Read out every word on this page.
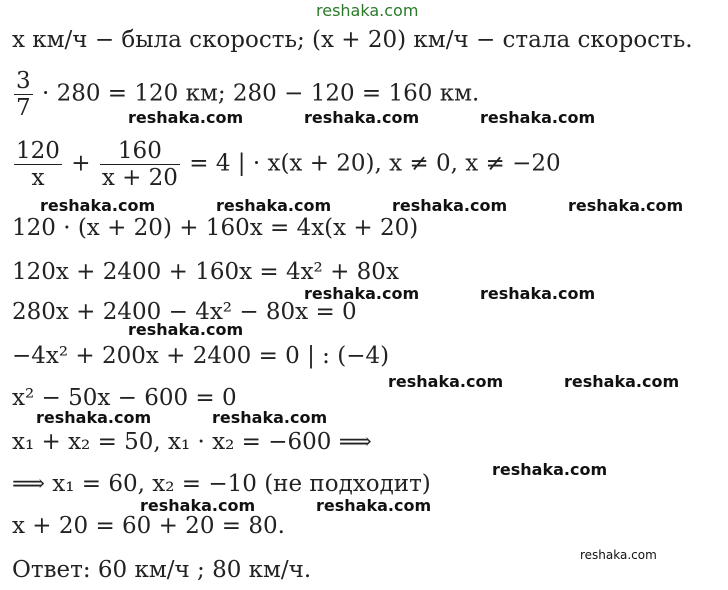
reshaka.com
reshaka.com	reshaka.com	reshaka.com
reshaka.com	reshaka.com	reshaka.com	reshaka.com
reshaka.com	reshaka.com
reshaka.com
reshaka.com	reshaka.com
reshaka.com	reshaka.com
reshaka.com
reshaka.com	reshaka.com
reshaka.com
x км/ч − была скорость; (x + 20) км/ч − стала скорость.
$\frac{3}{7} \cdot 280 = 120$ км; 280 − 120 = 160 км.
$\frac{120}{x} + \frac{160}{x + 20} = 4$ | · x(x + 20), x ≠ 0, x ≠ −20
120 · (x + 20) + 160x = 4x(x + 20)
120x + 2400 + 160x = 4x² + 80x
280x + 2400 − 4x² − 80x = 0
−4x² + 200x + 2400 = 0 | : (−4)
x² − 50x − 600 = 0
x₁ + x₂ = 50, x₁ · x₂ = −600 ⟹
⟹ x₁ = 60, x₂ = −10 (не подходит)
x + 20 = 60 + 20 = 80.
Ответ: 60 км/ч ; 80 км/ч.
